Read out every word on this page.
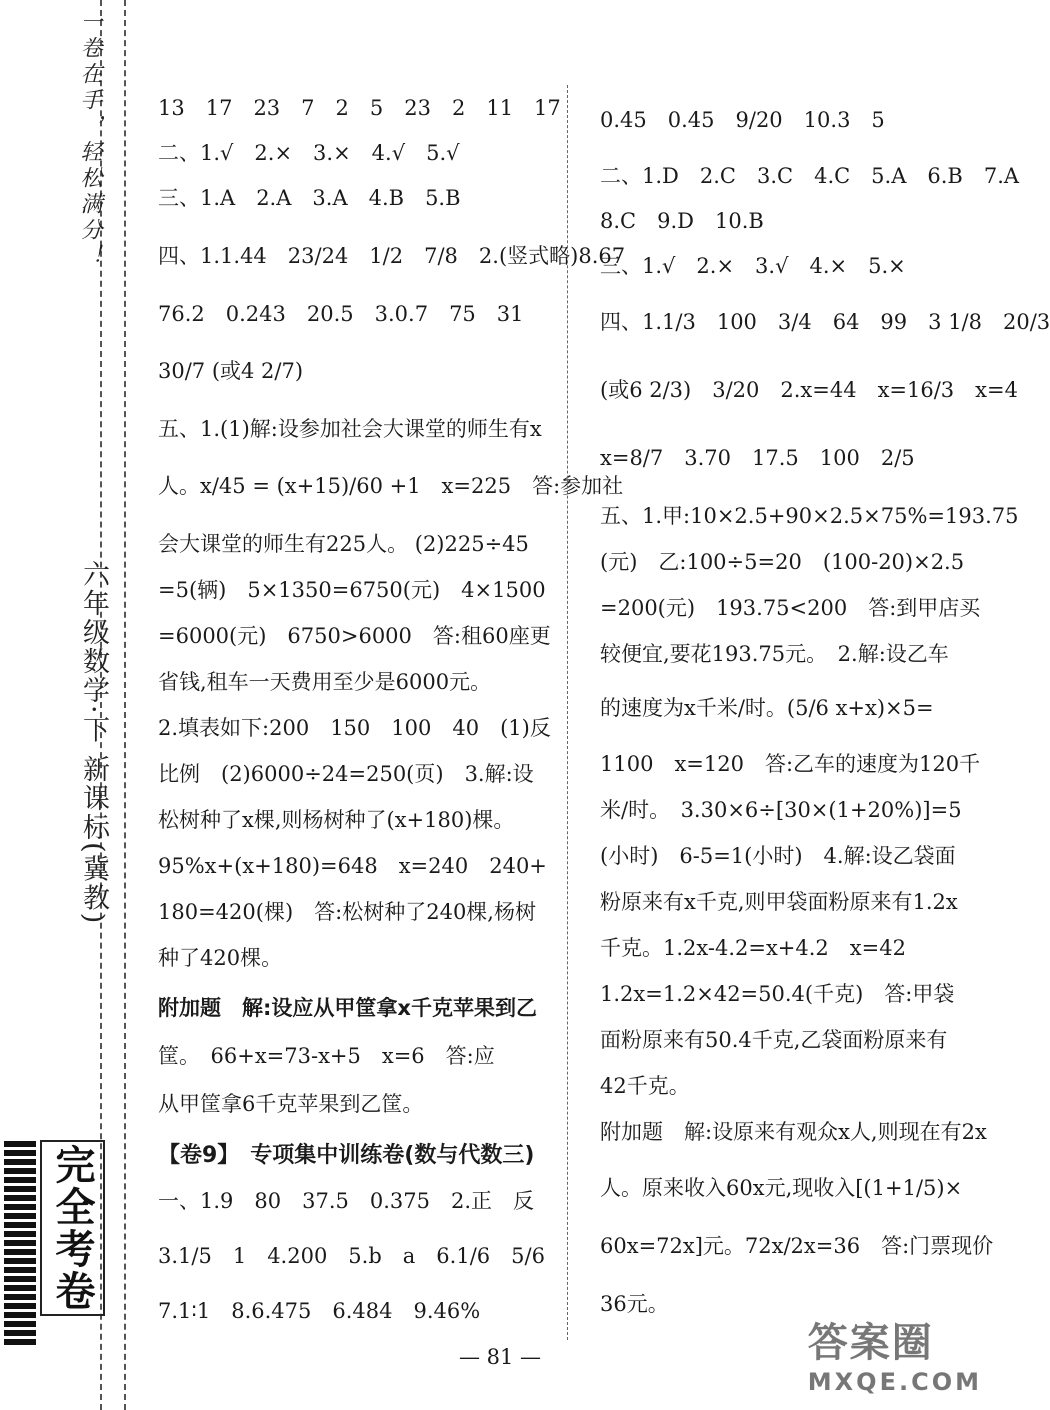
一卷在手，轻松满分！
六年级数学·下 新课标(冀教)
完全考卷
13　17　23　7　2　5　23　2　11　17
二、1.√　2.×　3.×　4.√　5.√
三、1.A　2.A　3.A　4.B　5.B
四、1.1.44　23/24　1/2　7/8　2.(竖式略)8.67
76.2　0.243　20.5　3.0.7　75　31
30/7 (或4 2/7)
五、1.(1)解:设参加社会大课堂的师生有x
人。x/45 = (x+15)/60 +1　x=225　答:参加社
会大课堂的师生有225人。 (2)225÷45
=5(辆)　5×1350=6750(元)　4×1500
=6000(元)　6750>6000　答:租60座更
省钱,租车一天费用至少是6000元。
2.填表如下:200　150　100　40　(1)反
比例　(2)6000÷24=250(页)　3.解:设
松树种了x棵,则杨树种了(x+180)棵。
95%x+(x+180)=648　x=240　240+
180=420(棵)　答:松树种了240棵,杨树
种了420棵。
附加题　解:设应从甲筐拿x千克苹果到乙
筐。　66+x=73-x+5　x=6　答:应
从甲筐拿6千克苹果到乙筐。
【卷9】　专项集中训练卷(数与代数三)
一、1.9　80　37.5　0.375　2.正　反
3.1/5　1　4.200　5.b　a　6.1/6　5/6
7.1∶1　8.6.475　6.484　9.46%
0.45　0.45　9/20　10.3　5
二、1.D　2.C　3.C　4.C　5.A　6.B　7.A
8.C　9.D　10.B
三、1.√　2.×　3.√　4.×　5.×
四、1.1/3　100　3/4　64　99　3 1/8　20/3
(或6 2/3)　3/20　2.x=44　x=16/3　x=4
x=8/7　3.70　17.5　100　2/5
五、1.甲:10×2.5+90×2.5×75%=193.75
(元)　乙:100÷5=20　(100-20)×2.5
=200(元)　193.75<200　答:到甲店买
较便宜,要花193.75元。　2.解:设乙车
的速度为x千米/时。(5/6 x+x)×5=
1100　x=120　答:乙车的速度为120千
米/时。　3.30×6÷[30×(1+20%)]=5
(小时)　6-5=1(小时)　4.解:设乙袋面
粉原来有x千克,则甲袋面粉原来有1.2x
千克。1.2x-4.2=x+4.2　x=42
1.2x=1.2×42=50.4(千克)　答:甲袋
面粉原来有50.4千克,乙袋面粉原来有
42千克。
附加题　解:设原来有观众x人,则现在有2x
人。原来收入60x元,现收入[(1+1/5)×
60x=72x]元。72x/2x=36　答:门票现价
36元。
— 81 —	答案圈
MXQE.COM
